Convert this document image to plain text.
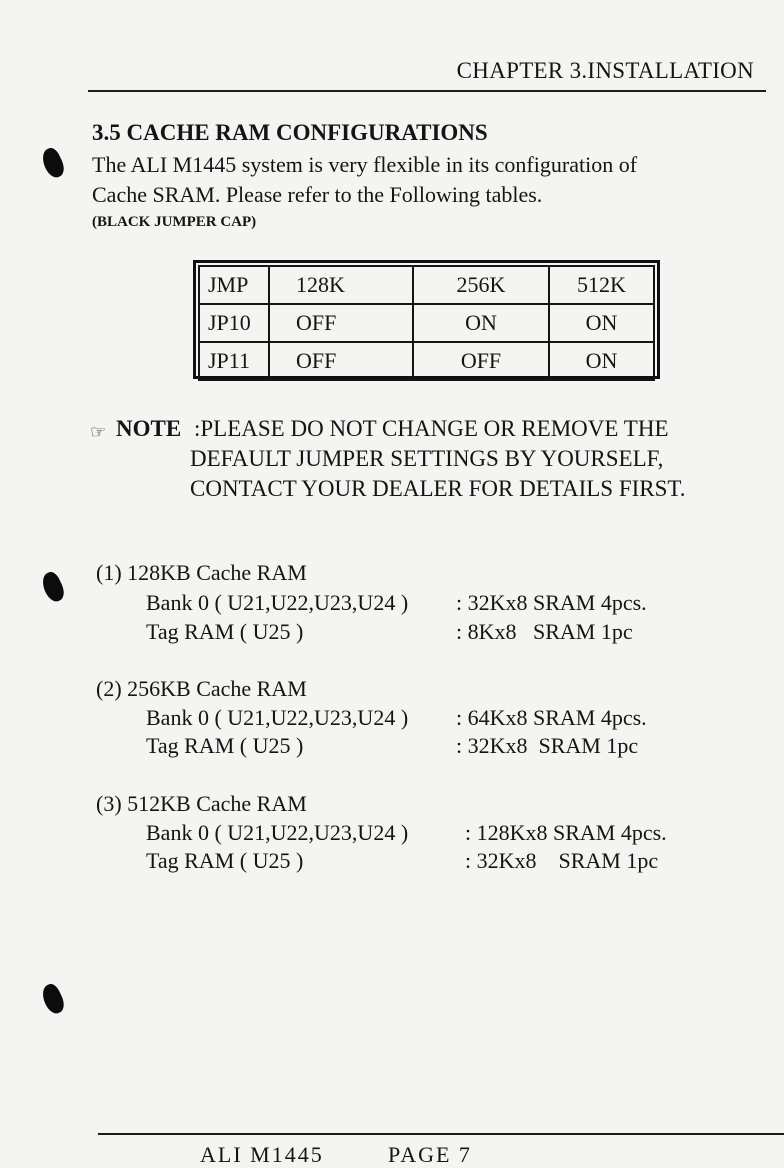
CHAPTER 3.INSTALLATION
3.5 CACHE RAM CONFIGURATIONS
The ALI M1445 system is very flexible in its configuration of
Cache SRAM. Please refer to the Following tables.
(BLACK JUMPER CAP)
JMP	128K	256K	512K
JP10	OFF	ON	ON
JP11	OFF	OFF	ON
☞ NOTE :PLEASE DO NOT CHANGE OR REMOVE THE
DEFAULT JUMPER SETTINGS BY YOURSELF,
CONTACT YOUR DEALER FOR DETAILS FIRST.
(1) 128KB Cache RAM
Bank 0 ( U21,U22,U23,U24 ) : 32Kx8 SRAM 4pcs.
Tag RAM ( U25 )	: 8Kx8   SRAM 1pc
(2) 256KB Cache RAM
Bank 0 ( U21,U22,U23,U24 ) : 64Kx8 SRAM 4pcs.
Tag RAM ( U25 )	: 32Kx8  SRAM 1pc
(3) 512KB Cache RAM
Bank 0 ( U21,U22,U23,U24 )	: 128Kx8 SRAM 4pcs.
Tag RAM ( U25 )	: 32Kx8    SRAM 1pc
ALI M1445	PAGE 7
